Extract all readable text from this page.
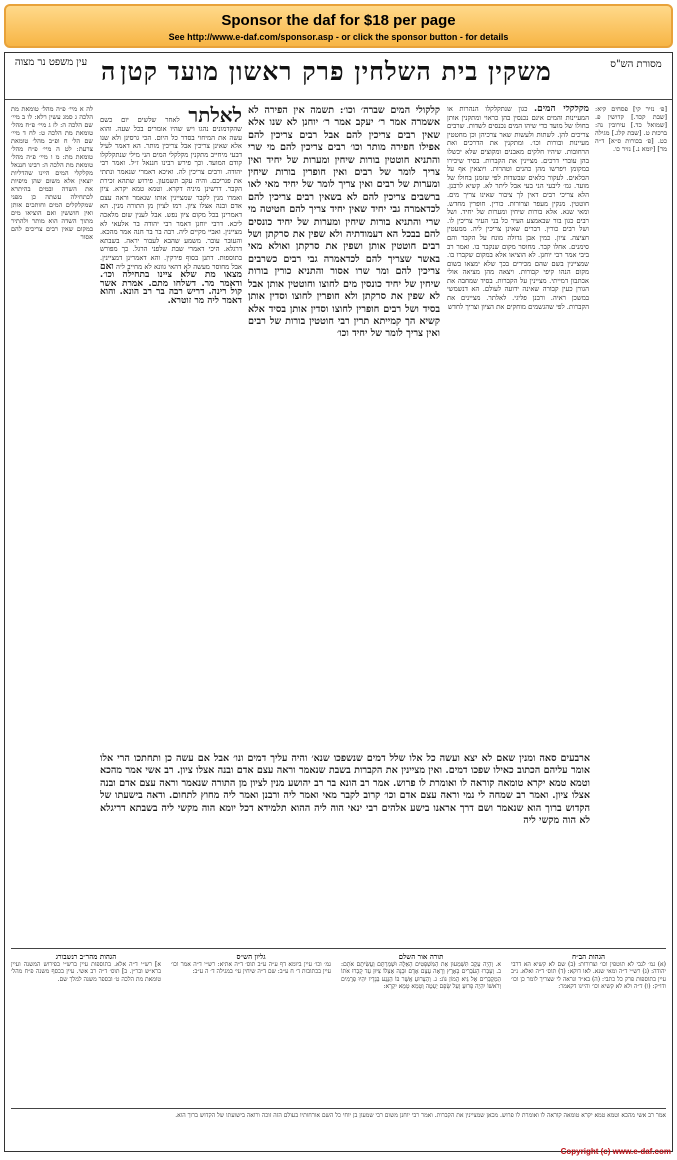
Sponsor the daf for $18 per page
See http://www.e-daf.com/sponsor.asp - or click the sponsor button - for details
עין משפט נר מצוה ה משקין בית השלחין פרק ראשון מועד קטן	מסורת הש"ס
לה א מיי׳ פ״ה מהל׳ טומאת מת הלכה ג סמג עשין רלא: לו ב מיי׳ שם הלכה ה: לז ג מיי׳ פ״ח מהל׳ טומאת מת הלכה ט: לח ד מיי׳ שם הל׳ ח ופ״ב מהל׳ טומאת צרעת: לט ה מיי׳ פ״ח מהל׳ טומאת מת: מ ו מיי׳ פ״ה מהל׳ טומאת מת הלכה ה: רבינו חננאל מקלקלי המים היינו שהדליות יוצאין אלא משום שהן מיפיות את השדה ובמים בהיתרא לכתחילה עשתה כן מפני שמקלקלים המים וחותכים אותן ואין חוששין ואם הוציאו מים מתוך השדה הוא מותר ולהתיר במקום שאין רבים צריכים להם אסור
לאלתר לאחר שלשים יום כשם שהקדמונים נהגו ויש שהיו אומרים בכל שעה. והוא עשה את המיחוי בסדר כל היום. הכי גרסינן ולא שנו אלא שאינן צריכין אבל צריכין מותר. הא דאמר לעיל דבעי מיחייב מתקנין מקלקלי המים הני מילי שנתקלקלו קודם המועד. וכך פירש רבינו חננאל ז״ל. ואמר רבי יהודה. ורבים צריכין לה. ואיכא דאמרי שנאמר ונתתי את פגריכם. והיה עקב תשמעון. פירוש שתהא זכירת הקבר. דרשינן מיניה דקרא. וטמא טמא יקרא. ציון ואמרו מנין לקבר שמציינין אותו שנאמר וראה עצם אדם ובנה אצלו ציון. רמז לציון מן התורה מנין. הא דאמרינן בכל מקום ציון נפש. אבל לענין שום מלאכה ליכא. דרבי יוחנן דאמר רבי יהודה בר אלעאי לא מציינין. ואביי מקיים ליה. רבה בר בר חנה אמר מהכא. והעובר עובר. משמע שהבא לעבור יראה. בשבתא דרגלא. היכי דאמרי שבת שלפני הרגל. כך מפורש בתוספות. דתנן בסוף פירקין. והא דאמרינן דמציינין. אבל מחוסר מעשה לא דהאי גוונא לא מחייב ליה ואם מצאו מת שלא ציינו בתחילה וכו׳. ודאמר מר. דשלחו מתם. אמרת אשר קול רינה. דריש רבה בר רב הונא. והוא דאמר ליה מר זוטרא.
קלקולי המים שברה׳ וכו׳: תשמה אין הפירה לא אשמרה אמר ר׳ יעקב אמר ר׳ יוחנן לא שנו אלא שאין רבים צריכין להם אבל רבים צריכין להם אפילו חפירה מותר וכו׳ רבים צריכין להם מי שרי והתניא חוטטין בורות שיחין ומערות של יחיד ואין צריך לומר של רבים ואין חופרין בורות שיחין ומערות של רבים ואין צריך לומר של יחיד מאי לאו ברשבים צריכין להם לא בשאין רבים צריכין להם לכדאמרה גבי יחיד שאין יחיד צריך להם חטיטה מי שרי והתניא בורות שיחין ומערות של יחיד כונסים להם בבכל הא דעמודתיה ולא שפין את סרקתן ושל רבים חוטטין אותן ושפין את סרקתן ואולא מאי באשר שצריך להם לכדאמרה גבי רבים כשרבים צריכין להם ומר שרו אסור והתניא כורין בורות שיחין של יחיד כונסין מים לחוצו וחוטטין אותן אבל לא שפין את סרקתן ולא חופרין לחוצו וסדין אותן בסיד ושל רבים חופרין לחוצו וסדין אותן בסיד אלא קשיא הך קמייתא תרין רבי חוטטין בורות של רבים ואין צריך לומר של יחיד וכו׳
מקלקלי המים. כגון שנתקלקלו הנהרות או המעיינות והמים אינם נכנסין בהן כראוי ומתקנין אותן בחולו של מועד כדי שיהו המים נכנסים לשדות. שרבים צריכים להן. לשתות ולעשות שאר צרכיהן וכן מחטטין מעיינות ובורות וכו׳. ומתקנין את הדרכים ואת הרחובות. שיהיו חלקים מאבנים ומקוצים שלא יכשלו בהן עוברי דרכים. מציינין את הקברות. בסיד שיכירו במקומן ויפרשו מהן כהנים וטהרות. ויוצאין אף על הכלאים. לעקור כלאים שבשדות לפי שזמנן בחולו של מועד. גמ׳ ליבעי הני בעי אבל ליתר לא. קשיא לרבנן. הלא צריכי רבים דאין לך ציבור שאינו צריך מים. חוטטין. מנקין מעפר וצרורות. כורין. חופרין מחדש. ומאי שנא. אלא בורות שיחין ומערות של יחיד. ושל רבים כגון בור שבאמצע העיר כל בני העיר צריכין לו. ושל רבים כורין. דברים שאינן צריכין ליה. ממעטין חציצה. ציון. כמין אבן גדולה מונח על הקבר והם סימנים. אחלו קבר. מחוסר מקום שנקבר בו. ואמר רב ביבי אמר רבי יוחנן. לא הוציאו אלא במקום שקברו בו. שמציינין בשם שהם מכירים בכך שלא ימצאו בשום מקום הנהו קיפי קבורות. ויצאה מהן מציאה אולי אכתבון דמייתי. מציינין על הקברות. בסיד שמחבה את הגורן כעין קבורה שאינה ידועה לעולם. הא דנשמשי במשכן ראיה. ורבנן פליגי. לאלתר. מציינים את הקברות. לפי שהגשמים מוחקים את הציון וצריך לחדש
[פ׳ נזיר קי] פסחים קיא: [שבת קכד.] קדושין פ. [שמואל כד.] עירובין נה: ברכות ט. [שבת קלג.] מגילה כט. [פ׳ בכורות ס״א] ד״ה מר] [יומא נ.] נזיר כו.
ארבעים סאה ומנין שאם לא יצא ועשה כל אלו שלל דמים שנשפכו שנא׳ והיה עליך דמים ונו׳ אבל אם עשה כן ותחתכו הרי אלו אומר עליהם הכתוב כאילו שפכו דמים. ואין מציינין את הקברות בשבת שנאמר וראה עצם אדם ובנה אצלו ציון. רב אשי אמר מהכא וטמא טמא יקרא טומאה קוראה לו ואומרת לו פרוש. אמר רב הונא בר רב יהושע מנין לציון מן התורה שנאמר וראה עצם אדם ובנה אצלו ציון. ואמר רב שמחה לי נמי וראה עצם אדם וכו׳ קרוב לקבר מאי ואמר ליה ורבנן ואמר ליה מחוץ לתחום. ודאה בישעתו של הקדוש ברוך הוא שנאמר ושם דרך אראנו בישע אלהים רבי ינאי הוה ליה ההוא תלמידא דכל יומא הוה מקשי ליה בשבתא דריגלא לא הוה מקשי ליה
הגהות מהר״ב רנשבורג
א] רש״י ד״ה אלא. בתוספות עיין ברש״י בפירוש המשנה ועיין ברא״ש ובר״ן. ב] תוס׳ ד״ה רב אשי. עיין בכסף משנה פ״ח מהל׳ טומאת מת הלכה ט׳ ובספר משנה למלך שם.
גליון הש״ס
גמ׳ וכו׳ עיין ביומא דף ע״ה ע״ב תוס׳ ד״ה אתיא: רש״י ד״ה אמר וכו׳ עיין בכתובות ד׳ ח ע״ב: שם ד״ה שיחין עי׳ במגילה ד׳ ה ע״ב:
תורה אור השלם
א. וְהָיָה עֵקֶב תִּשְׁמְעוּן אֵת הַמִּשְׁפָּטִים הָאֵלֶּה וּשְׁמַרְתֶּם וַעֲשִׂיתֶם אֹתָם: ב. וְעָבְרוּ הָעֹבְרִים בָּאָרֶץ וְרָאָה עֶצֶם אָדָם וּבָנָה אֶצְלוֹ צִיּוּן עַד קָבְרוּ אֹתוֹ הַמְקַבְּרִים אֶל גֵּיא הֲמוֹן גּוֹג: ג. וְהַצָּרוּעַ אֲשֶׁר בּוֹ הַנֶּגַע בְּגָדָיו יִהְיוּ פְרֻמִים וְרֹאשׁוֹ יִהְיֶה פָרוּעַ וְעַל שָׂפָם יַעְטֶה וְטָמֵא טָמֵא יִקְרָא:
הגהות הב״ח
(א) גמ׳ לגבי לא תוטפין וכו׳ וצרורות: (ב) שם לא קשיא הא דרבי יהודה: (ג) רש״י ד״ה ומאי שנא. לאו דוקא: (ד) תוס׳ ד״ה ואלא. נ״ב עיין בתוספות פרק כל כתבי: (ה) בא״ד ונראה לי שצריך לומר כן וכו׳ ודו״ק: (ו) ד״ה ולא לא קשיא וכו׳ והיינו דקאמר:
אמר רב אשי מהכא וטמא טמא יקרא טומאה קוראה לו ואומרת לו פרוש. מכאן שמציינין את הקברות. ואמר רבי יוחנן משום רבי שמעון בן יוחי כל השם אורחותיו בעולם הזה זוכה ורואה בישועתו של הקדוש ברוך הוא.
Copyright (c) www.e-daf.com
